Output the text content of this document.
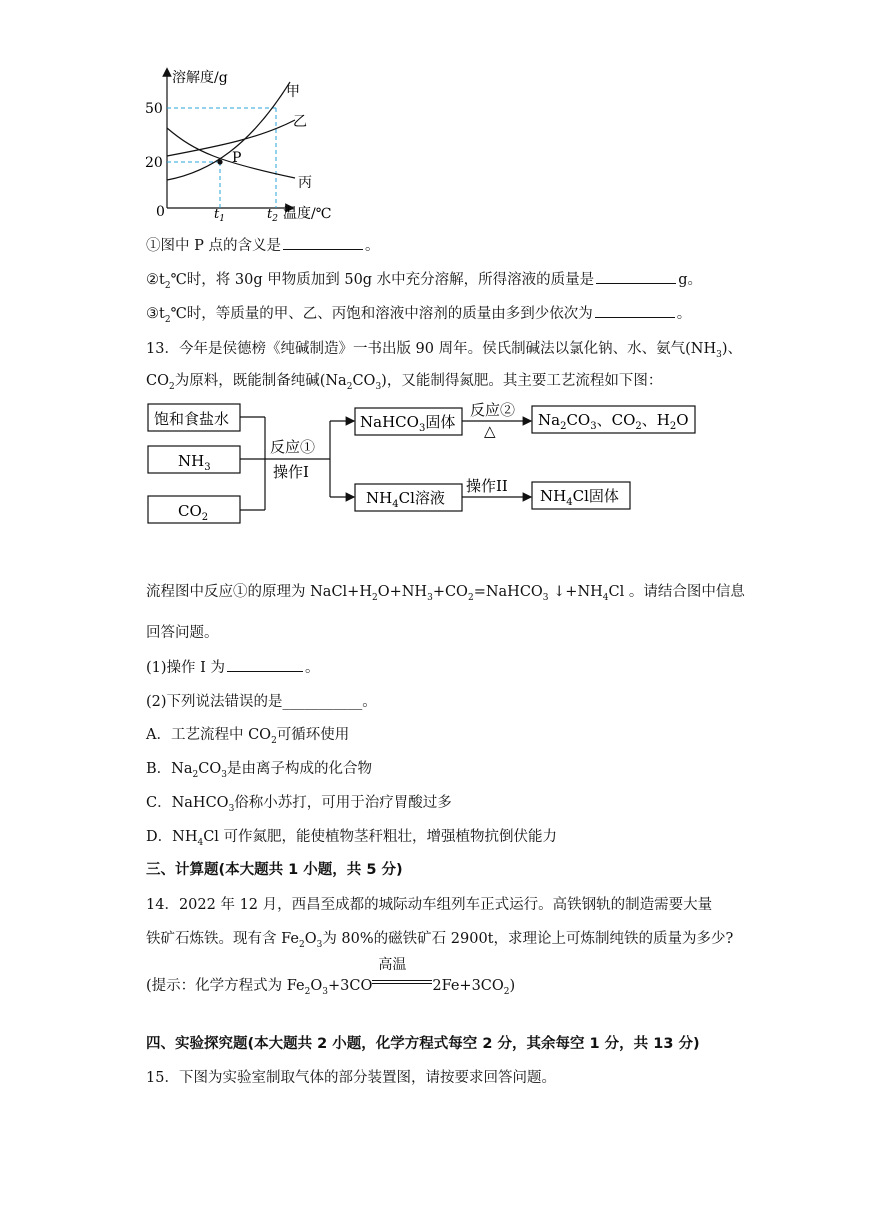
溶解度/g
温度/℃
50
20
0	$t_1$	$t_2$
P
甲
乙
丙
①图中 P 点的含义是	。
$②t_2℃$时，将 30g 甲物质加到 50g 水中充分溶解，所得溶液的质量是	g。
$③t_2℃$时，等质量的甲、乙、丙饱和溶液中溶剂的质量由多到少依次为	。
13．今年是侯德榜《纯碱制造》一书出版 90 周年。侯氏制碱法以氯化钠、水、氨气$(NH_3)$、
$CO_2$为原料，既能制备纯碱$(Na_2CO_3)$，又能制得氮肥。其主要工艺流程如下图：
饱和食盐水
$NH_3$
$CO_2$
反应①
操作I
NaHCO$_3$固体
反应②
△
$Na_2CO_3$、$CO_2$、$H_2O$
$NH_4Cl$溶液
操作II
$NH_4Cl$固体
流程图中反应①的原理为 $NaCl+H_2O+NH_3+CO_2=NaHCO_3$ $↓+NH_4Cl$ 。请结合图中信息
回答问题。
(1)操作 I 为	。
(2)下列说法错误的是___________。
A．工艺流程中 $CO_2$可循环使用
B．$Na_2CO_3$是由离子构成的化合物
C．NaHCO$_3$俗称小苏打，可用于治疗胃酸过多
D．$NH_4Cl$ 可作氮肥，能使植物茎秆粗壮，增强植物抗倒伏能力
三、计算题(本大题共 1 小题，共 5 分)
14．2022 年 12 月，西昌至成都的城际动车组列车正式运行。高铁钢轨的制造需要大量
铁矿石炼铁。现有含 $Fe_2O_3$为 80%的磁铁矿石 2900t，求理论上可炼制纯铁的质量为多少?
(提示：化学方程式为 $Fe_2O_3+3CO$
高温
$2Fe+3CO_2$)
四、实验探究题(本大题共 2 小题，化学方程式每空 2 分，其余每空 1 分，共 13 分)
15．下图为实验室制取气体的部分装置图，请按要求回答问题。
